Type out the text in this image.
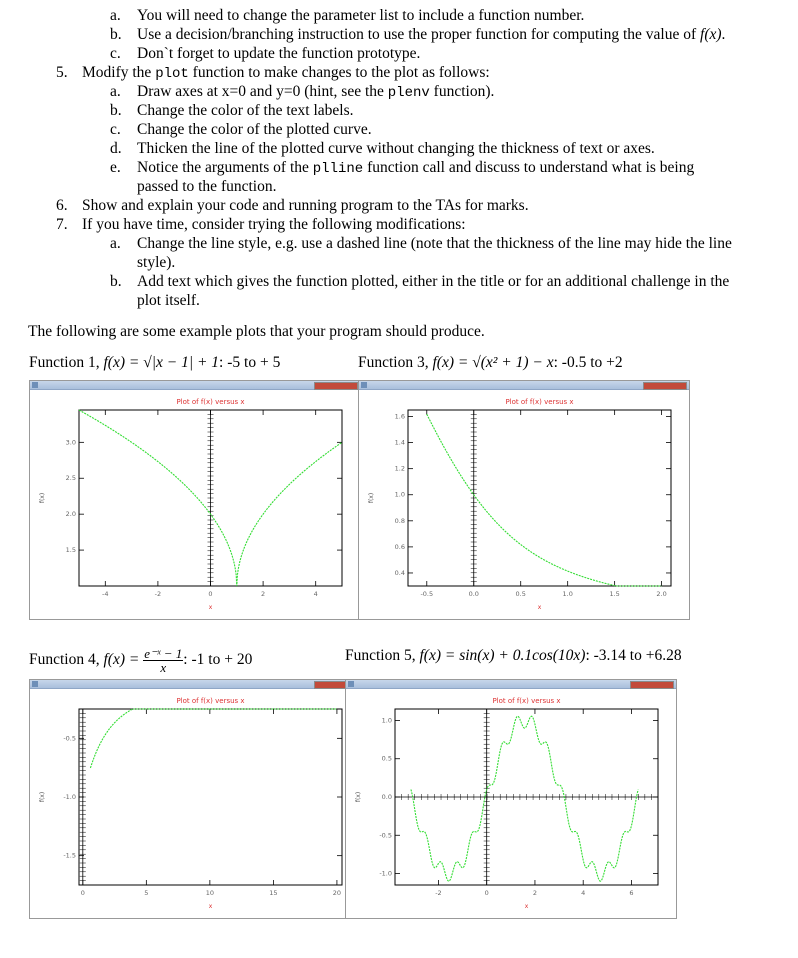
a. You will need to change the parameter list to include a function number.
b. Use a decision/branching instruction to use the proper function for computing the value of f(x).
c. Don`t forget to update the function prototype.
5. Modify the plot function to make changes to the plot as follows:
a. Draw axes at x=0 and y=0 (hint, see the plenv function).
b. Change the color of the text labels.
c. Change the color of the plotted curve.
d. Thicken the line of the plotted curve without changing the thickness of text or axes.
e. Notice the arguments of the plline function call and discuss to understand what is being
passed to the function.
6. Show and explain your code and running program to the TAs for marks.
7. If you have time, consider trying the following modifications:
a. Change the line style, e.g. use a dashed line (note that the thickness of the line may hide the line
style).
b. Add text which gives the function plotted, either in the title or for an additional challenge in the
plot itself.
The following are some example plots that your program should produce.
Function 1, f(x) = √|x − 1| + 1: -5 to + 5	Function 3, f(x) = √(x² + 1) − x: -0.5 to +2
Function 4, $f(x) = \frac{\text{e⁻ˣ − 1}}{x}$ : -1 to + 20	Function 5, f(x) = sin(x) + 0.1cos(10x): -3.14 to +6.28
Plot of f(x) versus x
x
f(x)
-4	-2	0	2	4
1.5
2.0
2.5
3.0
Plot of f(x) versus x
x
f(x)
-0.5	0.0	0.5	1.0	1.5	2.0
0.4
0.6
0.8
1.0
1.2
1.4
1.6
Plot of f(x) versus x
x
f(x)
0	5	10	15	20
-1.5
-1.0
-0.5
Plot of f(x) versus x
x
f(x)
-2	0	2	4	6
-1.0
-0.5
0.0
0.5
1.0
